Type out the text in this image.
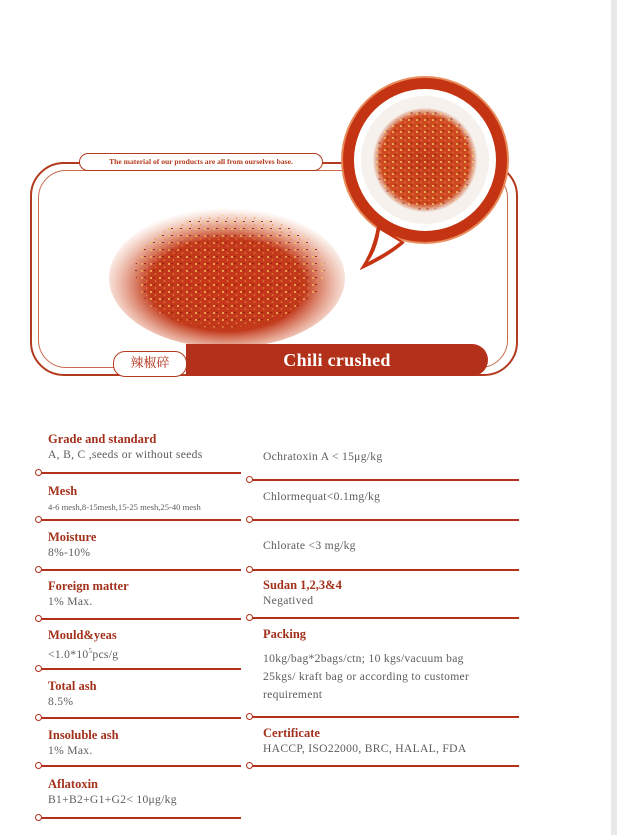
The material of our products are all from ourselves base.
Chili crushed
辣椒碎
Grade and standard
A, B, C ,seeds or without seeds
Mesh
4-6 mesh,8-15mesh,15-25 mesh,25-40 mesh
Moisture
8%-10%
Foreign matter
1% Max.
Mould&yeas
$<1.0*10^5pcs/g$
Total ash
8.5%
Insoluble ash
1% Max.
Aflatoxin
B1+B2+G1+G2< 10μg/kg
Ochratoxin A < 15μg/kg
Chlormequat<0.1mg/kg
Chlorate <3 mg/kg
Sudan 1,2,3&4
Negatived
Packing
10kg/bag*2bags/ctn; 10 kgs/vacuum bag
25kgs/ kraft bag or according to customer
requirement
Certificate
HACCP, ISO22000, BRC, HALAL, FDA
